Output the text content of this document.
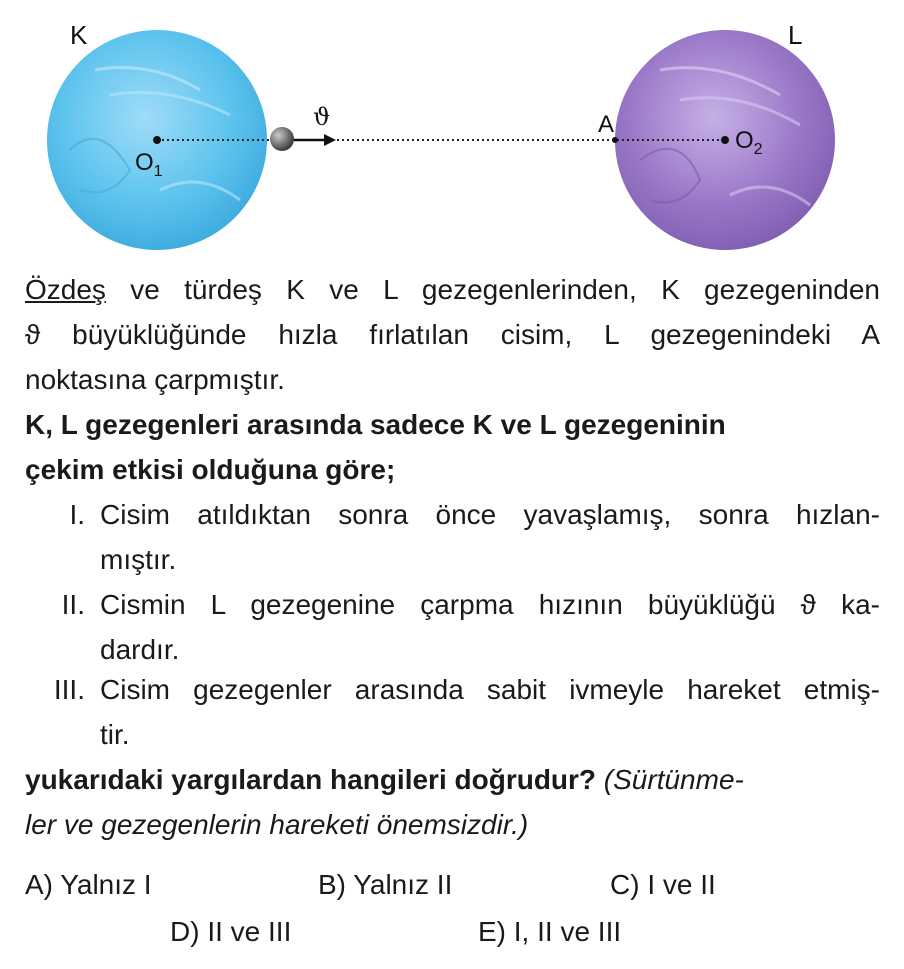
K	L
ϑ	A
$O_1$
$O_2$
Özdeş ve türdeş K ve L gezegenlerinden, K gezegeninden
ϑ büyüklüğünde hızla fırlatılan cisim, L gezegenindeki A
noktasına çarpmıştır.
K, L gezegenleri arasında sadece K ve L gezegeninin
çekim etkisi olduğuna göre;
I. Cisim atıldıktan sonra önce yavaşlamış, sonra hızlan-
mıştır.
II. Cismin L gezegenine çarpma hızının büyüklüğü ϑ ka-
dardır.
III. Cisim gezegenler arasında sabit ivmeyle hareket etmiş-
tir.
yukarıdaki yargılardan hangileri doğrudur? (Sürtünme-
ler ve gezegenlerin hareketi önemsizdir.)
A) Yalnız I	B) Yalnız II	C) I ve II
D) II ve III	E) I, II ve III
